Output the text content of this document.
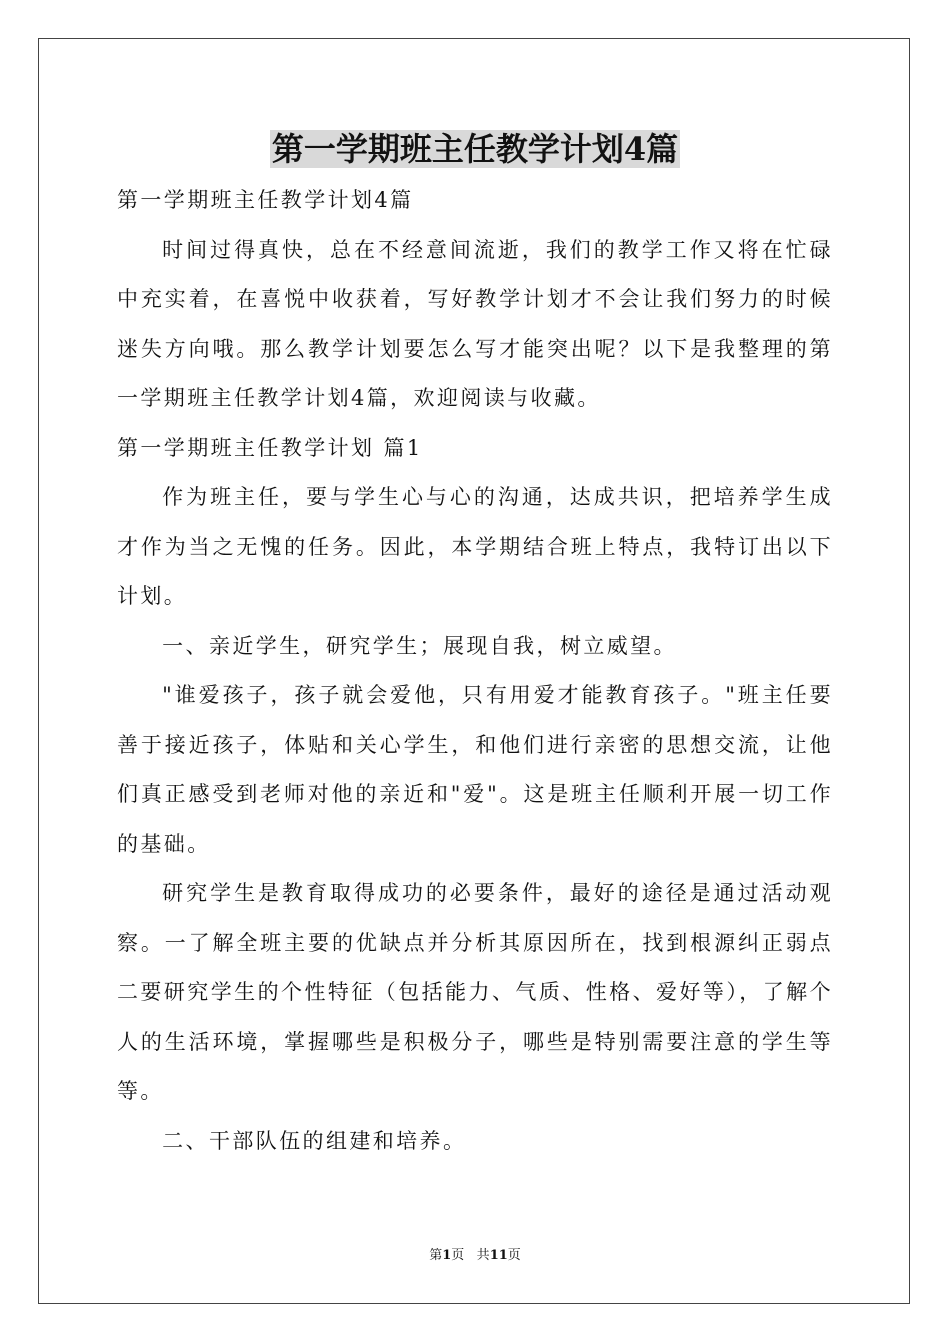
第一学期班主任教学计划4篇

第一学期班主任教学计划4篇

时间过得真快，总在不经意间流逝，我们的教学工作又将在忙碌中充实着，在喜悦中收获着，写好教学计划才不会让我们努力的时候迷失方向哦。那么教学计划要怎么写才能突出呢？以下是我整理的第一学期班主任教学计划4篇，欢迎阅读与收藏。

第一学期班主任教学计划 篇1

作为班主任，要与学生心与心的沟通，达成共识，把培养学生成才作为当之无愧的任务。因此，本学期结合班上特点，我特订出以下计划。

一、亲近学生，研究学生；展现自我，树立威望。

"谁爱孩子，孩子就会爱他，只有用爱才能教育孩子。"班主任要善于接近孩子，体贴和关心学生，和他们进行亲密的思想交流，让他们真正感受到老师对他的亲近和"爱"。这是班主任顺利开展一切工作的基础。

研究学生是教育取得成功的必要条件，最好的途径是通过活动观察。一了解全班主要的优缺点并分析其原因所在，找到根源纠正弱点二要研究学生的个性特征（包括能力、气质、性格、爱好等），了解个人的生活环境，掌握哪些是积极分子，哪些是特别需要注意的学生等等。

二、干部队伍的组建和培养。

第1页 共11页
